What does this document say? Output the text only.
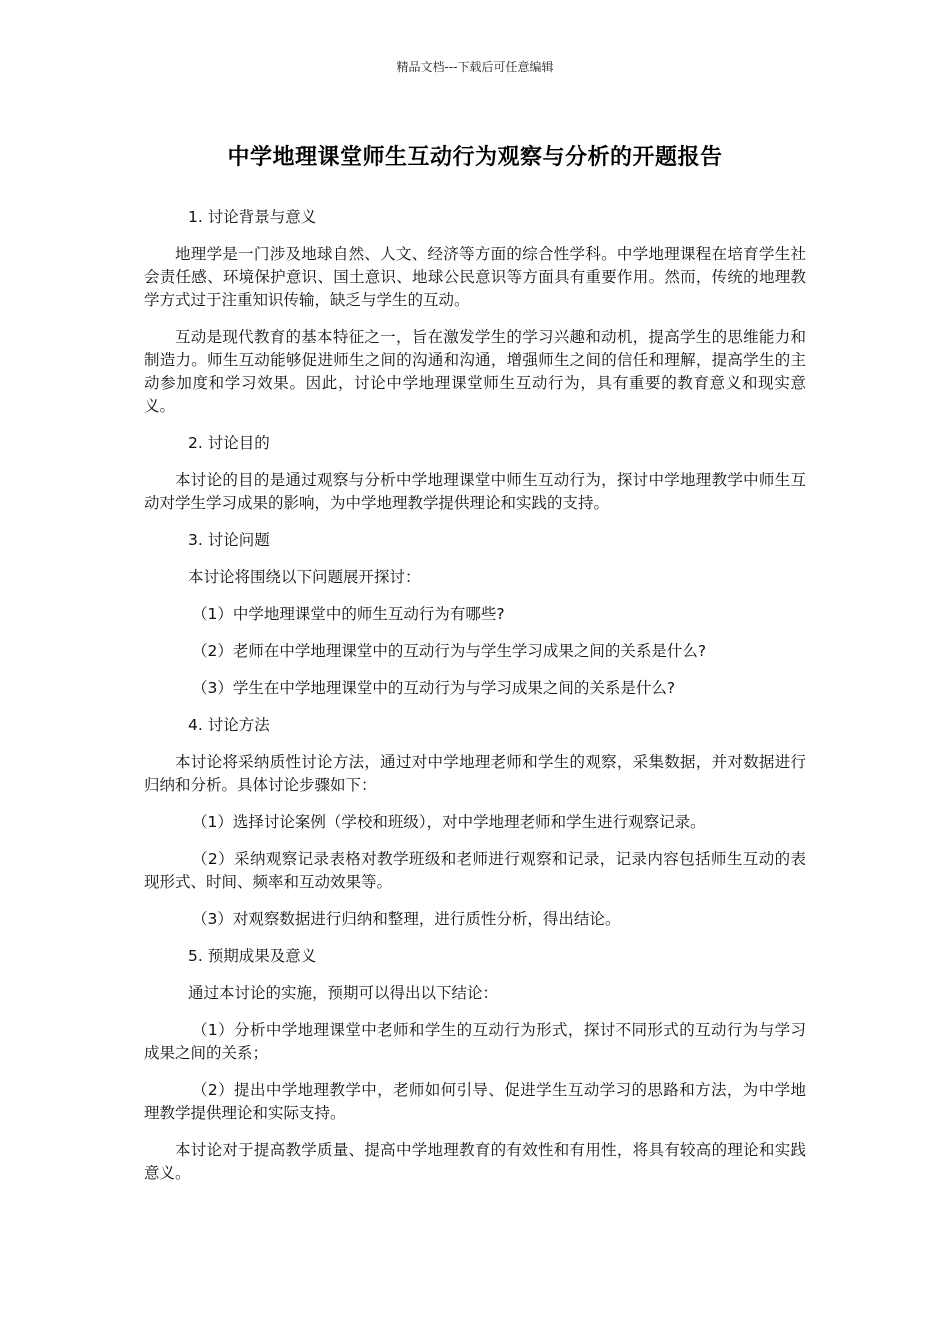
精品文档---下载后可任意编辑
中学地理课堂师生互动行为观察与分析的开题报告
1. 讨论背景与意义
地理学是一门涉及地球自然、人文、经济等方面的综合性学科。中学地理课程在培育学生社会责任感、环境保护意识、国土意识、地球公民意识等方面具有重要作用。然而，传统的地理教学方式过于注重知识传输，缺乏与学生的互动。
互动是现代教育的基本特征之一，旨在激发学生的学习兴趣和动机，提高学生的思维能力和制造力。师生互动能够促进师生之间的沟通和沟通，增强师生之间的信任和理解，提高学生的主动参加度和学习效果。因此，讨论中学地理课堂师生互动行为，具有重要的教育意义和现实意义。
2. 讨论目的
本讨论的目的是通过观察与分析中学地理课堂中师生互动行为，探讨中学地理教学中师生互动对学生学习成果的影响，为中学地理教学提供理论和实践的支持。
3. 讨论问题
本讨论将围绕以下问题展开探讨：
（1）中学地理课堂中的师生互动行为有哪些?
（2）老师在中学地理课堂中的互动行为与学生学习成果之间的关系是什么?
（3）学生在中学地理课堂中的互动行为与学习成果之间的关系是什么?
4. 讨论方法
本讨论将采纳质性讨论方法，通过对中学地理老师和学生的观察，采集数据，并对数据进行归纳和分析。具体讨论步骤如下：
（1）选择讨论案例（学校和班级），对中学地理老师和学生进行观察记录。
（2）采纳观察记录表格对教学班级和老师进行观察和记录，记录内容包括师生互动的表现形式、时间、频率和互动效果等。
（3）对观察数据进行归纳和整理，进行质性分析，得出结论。
5. 预期成果及意义
通过本讨论的实施，预期可以得出以下结论：
（1）分析中学地理课堂中老师和学生的互动行为形式，探讨不同形式的互动行为与学习成果之间的关系；
（2）提出中学地理教学中，老师如何引导、促进学生互动学习的思路和方法，为中学地理教学提供理论和实际支持。
本讨论对于提高教学质量、提高中学地理教育的有效性和有用性，将具有较高的理论和实践意义。
